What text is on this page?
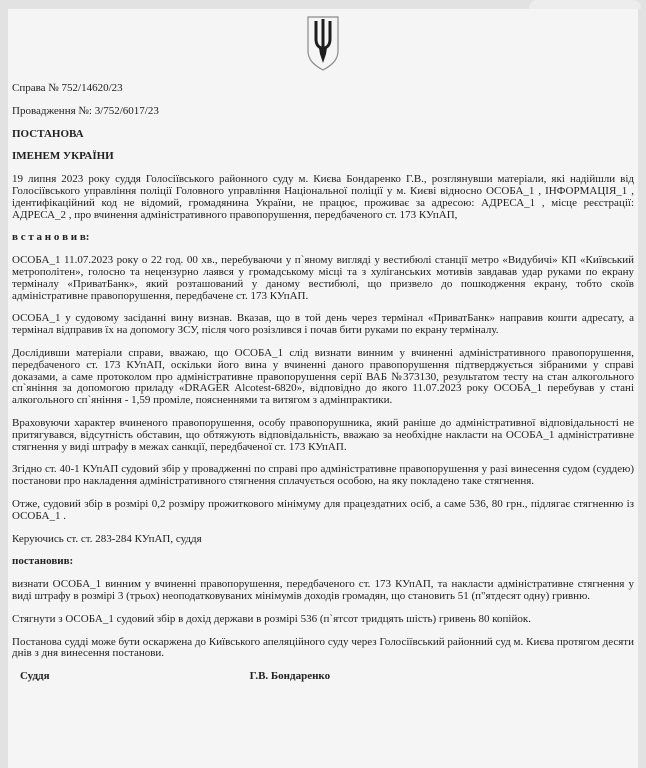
Справа № 752/14620/23

Провадження №: 3/752/6017/23

ПОСТАНОВА

ІМЕНЕМ УКРАЇНИ

19 липня 2023 року суддя Голосіївського районного суду м. Києва Бондаренко Г.В., розглянувши матеріали, які надійшли від Голосіївського управління поліції Головного управління Національної поліції у м. Києві відносно ОСОБА_1 , ІНФОРМАЦІЯ_1 , ідентифікаційний код не відомий, громадянина України, не працює, проживає за адресою: АДРЕСА_1 , місце реєстрації: АДРЕСА_2 , про вчинення адміністративного правопорушення, передбаченого ст. 173 КУпАП,

в с т а н о в и в:

ОСОБА_1 11.07.2023 року о 22 год. 00 хв., перебуваючи у п`яному вигляді у вестибюлі станції метро «Видубичі» КП «Київський метрополітен», голосно та нецензурно лаявся у громадському місці та з хуліганських мотивів завдавав удар руками по екрану терміналу «ПриватБанк», який розташований у даному вестибюлі, що призвело до пошкодження екрану, тобто скоїв адміністративне правопорушення, передбачене ст. 173 КУпАП.

ОСОБА_1 у судовому засіданні вину визнав. Вказав, що в той день через термінал «ПриватБанк» направив кошти адресату, а термінал відправив їх на допомогу ЗСУ, після чого розізлився і почав бити руками по екрану терміналу.

Дослідивши матеріали справи, вважаю, що ОСОБА_1 слід визнати винним у вчиненні адміністративного правопорушення, передбаченого ст. 173 КУпАП, оскільки його вина у вчиненні даного правопорушення підтверджується зібраними у справі доказами, а саме протоколом про адміністративне правопорушення серії ВАБ №373130, результатом тесту на стан алкогольного сп`яніння за допомогою приладу «DRAGER Alcotest-6820», відповідно до якого 11.07.2023 року ОСОБА_1 перебував у стані алкогольного сп`яніння - 1,59 проміле, поясненнями та витягом з адмінпрактики.

Враховуючи характер вчиненого правопорушення, особу правопорушника, який раніше до адміністративної відповідальності не притягувався, відсутність обставин, що обтяжують відповідальність, вважаю за необхідне накласти на ОСОБА_1 адміністративне стягнення у виді штрафу в межах санкції, передбаченої ст. 173 КУпАП.

Згідно ст. 40-1 КУпАП судовий збір у провадженні по справі про адміністративне правопорушення у разі винесення судом (суддею) постанови про накладення адміністративного стягнення сплачується особою, на яку покладено таке стягнення.

Отже, судовий збір в розмірі 0,2 розміру прожиткового мінімуму для працездатних осіб, а саме 536, 80 грн., підлягає стягненню із ОСОБА_1 .

Керуючись ст. ст. 283-284 КУпАП, суддя

постановив:

визнати ОСОБА_1 винним у вчиненні правопорушення, передбаченого ст. 173 КУпАП, та накласти адміністративне стягнення у виді штрафу в розмірі 3 (трьох) неоподатковуваних мінімумів доходів громадян, що становить 51 (п"ятдесят одну) гривню.

Стягнути з ОСОБА_1 судовий збір в дохід держави в розмірі 536 (п`ятсот тридцять шість) гривень 80 копійок.

Постанова судді може бути оскаржена до Київського апеляційного суду через Голосіївський районний суд м. Києва протягом десяти днів з дня винесення постанови.

Суддя	Г.В. Бондаренко
